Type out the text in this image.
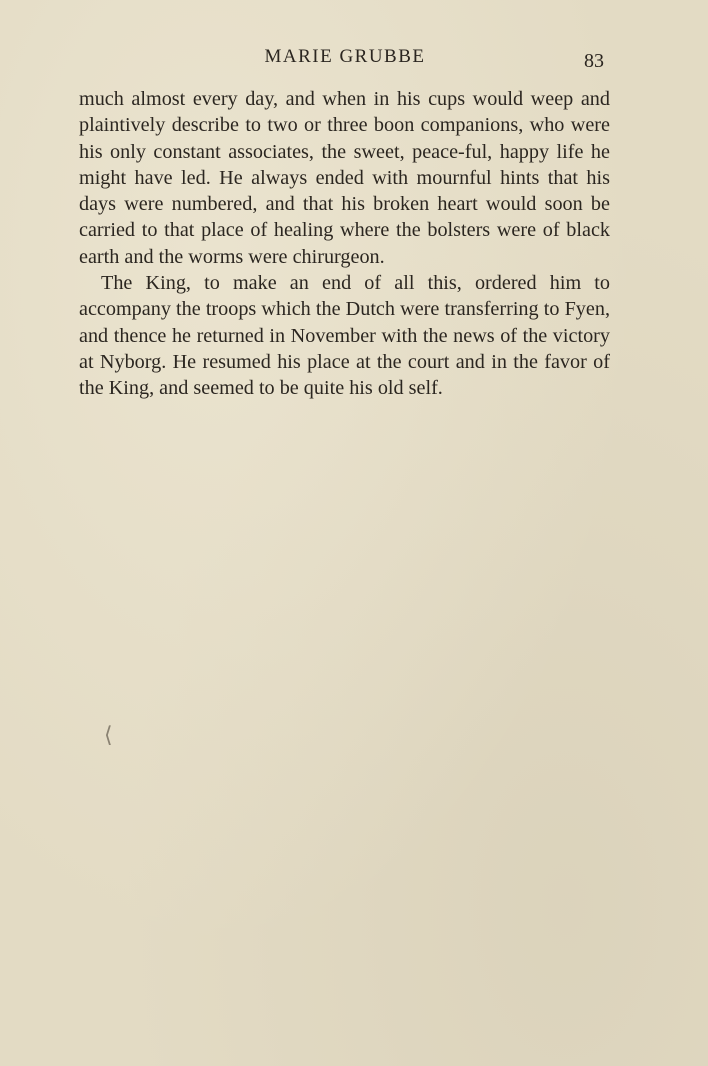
MARIE GRUBBE	83

much almost every day, and when in his cups would weep and plaintively describe to two or three boon companions, who were his only constant associates, the sweet, peace-ful, happy life he might have led. He always ended with mournful hints that his days were numbered, and that his broken heart would soon be carried to that place of healing where the bolsters were of black earth and the worms were chirurgeon.

The King, to make an end of all this, ordered him to accompany the troops which the Dutch were transferring to Fyen, and thence he returned in November with the news of the victory at Nyborg. He resumed his place at the court and in the favor of the King, and seemed to be quite his old self.

⟨
